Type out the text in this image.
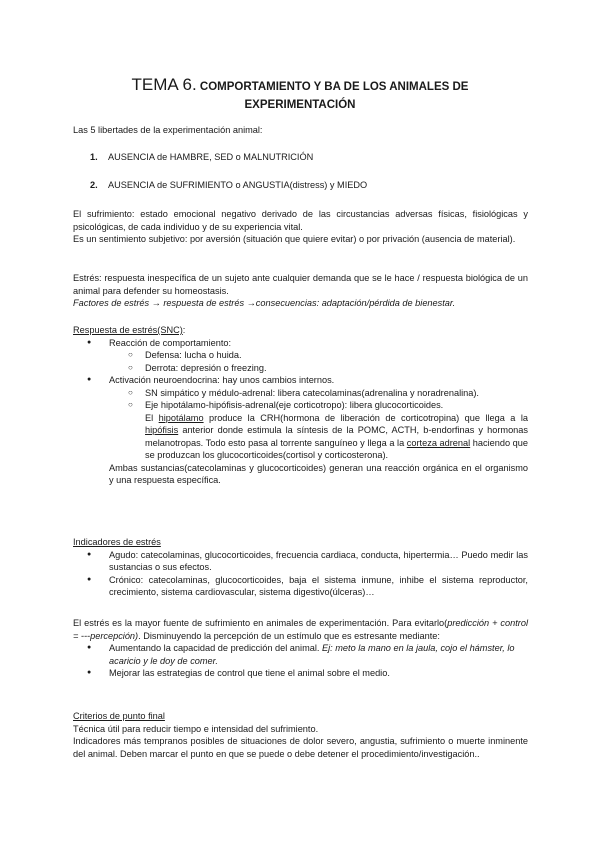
TEMA 6. COMPORTAMIENTO Y BA DE LOS ANIMALES DE
EXPERIMENTACIÓN
Las 5 libertades de la experimentación animal:
1. AUSENCIA de HAMBRE, SED o MALNUTRICIÓN
2. AUSENCIA de SUFRIMIENTO o ANGUSTIA(distress) y MIEDO

El sufrimiento: estado emocional negativo derivado de las circustancias adversas físicas, fisiológicas y psicológicas, de cada individuo y de su experiencia vital.

Es un sentimiento subjetivo: por aversión (situación que quiere evitar) o por privación (ausencia de material).

Estrés: respuesta inespecífica de un sujeto ante cualquier demanda que se le hace / respuesta biológica de un animal para defender su homeostasis.

Factores de estrés → respuesta de estrés →consecuencias: adaptación/pérdida de bienestar.

Respuesta de estrés(SNC):

● Reacción de comportamiento:
○ Defensa: lucha o huida.
○ Derrota: depresión o freezing.
● Activación neuroendocrina: hay unos cambios internos.
○ SN simpático y médulo-adrenal: libera catecolaminas(adrenalina y noradrenalina).
○ Eje hipotálamo-hipófisis-adrenal(eje corticotropo): libera glucocorticoides.

El hipotálamo produce la CRH(hormona de liberación de corticotropina) que llega a la hipófisis anterior donde estimula la síntesis de la POMC, ACTH, b-endorfinas y hormonas melanotropas. Todo esto pasa al torrente sanguíneo y llega a la corteza adrenal haciendo que se produzcan los glucocorticoides(cortisol y corticosterona).

Ambas sustancias(catecolaminas y glucocorticoides) generan una reacción orgánica en el organismo y una respuesta específica.

Indicadores de estrés

● Agudo: catecolaminas, glucocorticoides, frecuencia cardiaca, conducta, hipertermia… Puedo medir las sustancias o sus efectos.
● Crónico: catecolaminas, glucocorticoides, baja el sistema inmune, inhibe el sistema reproductor, crecimiento, sistema cardiovascular, sistema digestivo(úlceras)…

El estrés es la mayor fuente de sufrimiento en animales de experimentación. Para evitarlo(predicción + control = ---percepción). Disminuyendo la percepción de un estímulo que es estresante mediante:

● Aumentando la capacidad de predicción del animal. Ej: meto la mano en la jaula, cojo el hámster, lo acaricio y le doy de comer.
● Mejorar las estrategias de control que tiene el animal sobre el medio.

Criterios de punto final

Técnica útil para reducir tiempo e intensidad del sufrimiento.

Indicadores más tempranos posibles de situaciones de dolor severo, angustia, sufrimiento o muerte inminente del animal. Deben marcar el punto en que se puede o debe detener el procedimiento/investigación..
